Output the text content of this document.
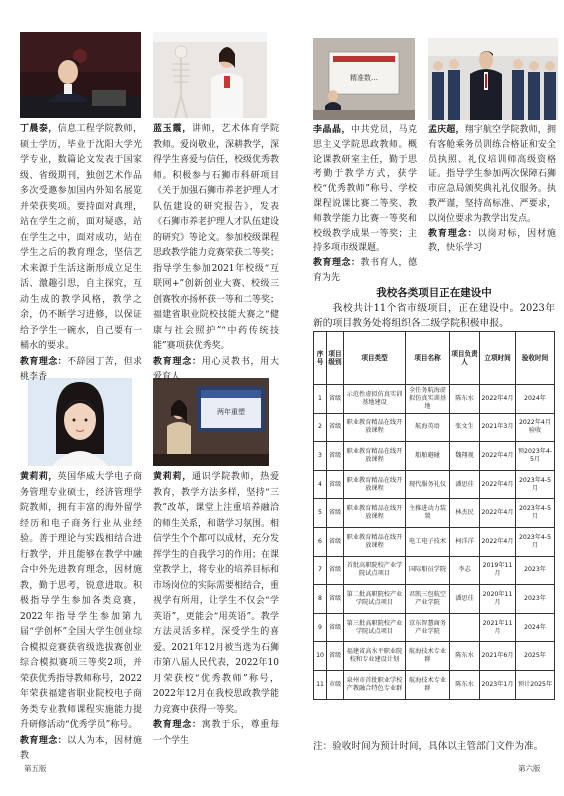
精准数…
两年重塑
丁晨泰，信息工程学院教师，硕士学历，毕业于沈阳大学光学专业，数篇论文发表于国家级、省级期刊，独创艺术作品多次受邀参加国内外知名展览并荣获奖项。要持面对真理，站在学生之前，面对疑惑，站在学生之中，面对成功，站在学生之后的教育理念，坚信艺术来源于生活这渐形成立足生活、激趣引思，自主探究，互动生成的教学风格，教学之余，仍不断学习进修，以保证给予学生一碗水，自己要有一桶水的要求。
教育理念：不辞园丁苦，但求桃李香
蓝玉霞，讲师，艺术体育学院教师。爱岗敬业，深耕教学，深得学生喜爱与信任，校级优秀教师。积极参与石狮市科研项目《关于加强石狮市养老护理人才队伍建设的研究报告》，发表《石狮市养老护理人才队伍建设的研究》等论文。参加校级课程思政教学能力竞赛荣获二等奖；指导学生参加2021年校级“互联网+”创新创业大赛、校级三创赛牧亦扬杯获一等和二等奖；福建省职业院校技能大赛之“健康与社会照护”“中药传统技能”赛项获优秀奖。
教育理念：用心灵教书，用大爱育人
李晶晶，中共党员，马克思主义学院思政教师。概论课教研室主任，勤于思考勤于教学方式，获学校“优秀教师”称号、学校课程说课比赛二等奖、教师教学能力比赛一等奖和校级教学成果一等奖；主持多项市级课题。
教育理念：教书育人，德育为先
孟庆超，翔宇航空学院教师，拥有客舱乘务员训练合格证和安全员执照、礼仪培训师高级资格证。指导学生参加两次保障石狮市应急局颁奖典礼礼仪服务。执教严谨，坚持高标准、严要求，以岗位要求为教学出发点。
教育理念：以岗对标，因材施教，快乐学习
黄莉莉，英国华威大学电子商务管理专业硕士，经济管理学院教师，拥有丰富的海外留学经历和电子商务行业从业经验。善于理论与实践相结合进行教学，并且能够在教学中融合中外先进教育理念，因材施教，勤于思考，锐意进取。积极指导学生参加各类竞赛，2022年指导学生参加第九届“学创杯”全国大学生创业综合模拟竞赛获省级选拔赛创业综合模拟赛项三等奖2项，并荣获优秀指导教师称号，2022年荣获福建省职业院校电子商务类专业教师课程实施能力提升研修活动“优秀学员”称号。
教育理念：以人为本，因材施教
黄莉莉，通识学院教师，热爱教育，教学方法多样，坚持“三教”改革，课堂上注重培养融洽的师生关系，和谐学习氛围。相信学生个个都可以成材，充分发挥学生的自我学习的作用；在课堂教学上，将专业的培养目标和市场岗位的实际需要相结合，重视学有所用，让学生不仅会“学英语”，更能会“用英语”。教学方法灵活多样，深受学生的喜爱。2021年12月被当选为石狮市第八届人民代表，2022年10月荣获校“优秀教师”称号，2022年12月在我校思政教学能力竞赛中获得一等奖。
教育理念：寓教于乐，尊重每一个学生
我校各类项目正在建设中
我校共计11个省市级项目，正在建设中。2023年新的项目教务处将组织各二级学院积极申报。
序号	项目级别	项目类型	项目名称	项目负责人	立项时间	验收时间
1	省级	示范性虚拟仿真实训基地建设	全任务航海虚拟仿真实训基地	陈东水	2022年4月	2024年
2	省级	职业教育精品在线开放课程	航海英语	张文生	2021年3月	2022年4月验收
3	省级	职业教育精品在线开放课程	船舶避碰	魏翔视	2022年4月	预2023年4-5月
4	省级	职业教育精品在线开放课程	现代服务礼仪	潘思佳	2022年4月	2023年4-5月
5	省级	职业教育精品在线开放课程	主推进动力装置	林杰民	2022年4月	2023年4-5月
6	省级	职业教育精品在线开放课程	电工电子技术	柯洋洋	2022年4月	2023年4-5月
7	省级	首批高职院校产业学院试点项目	国际船员学院	李志	2019年11月	2023年
8	省级	第二批高职院校产业学院试点项目	君凯三包航空产业学院	潘思佳	2020年11月	2023年
9	省级	第三批高职院校产业学院试点项目	京东智慧商务产业学院		2021年11月	2024年
10	省级	福建省高水平职业院校和专业建设计划	航海技术专业群	陈东水	2021年6月	2025年
11	市级	泉州市首批职业学校产教融合特色专业群	航海技术专业群	陈东水	2023年1月	预计2025年
注：验收时间为预计时间，具体以主管部门文件为准。
第五版	第六版
